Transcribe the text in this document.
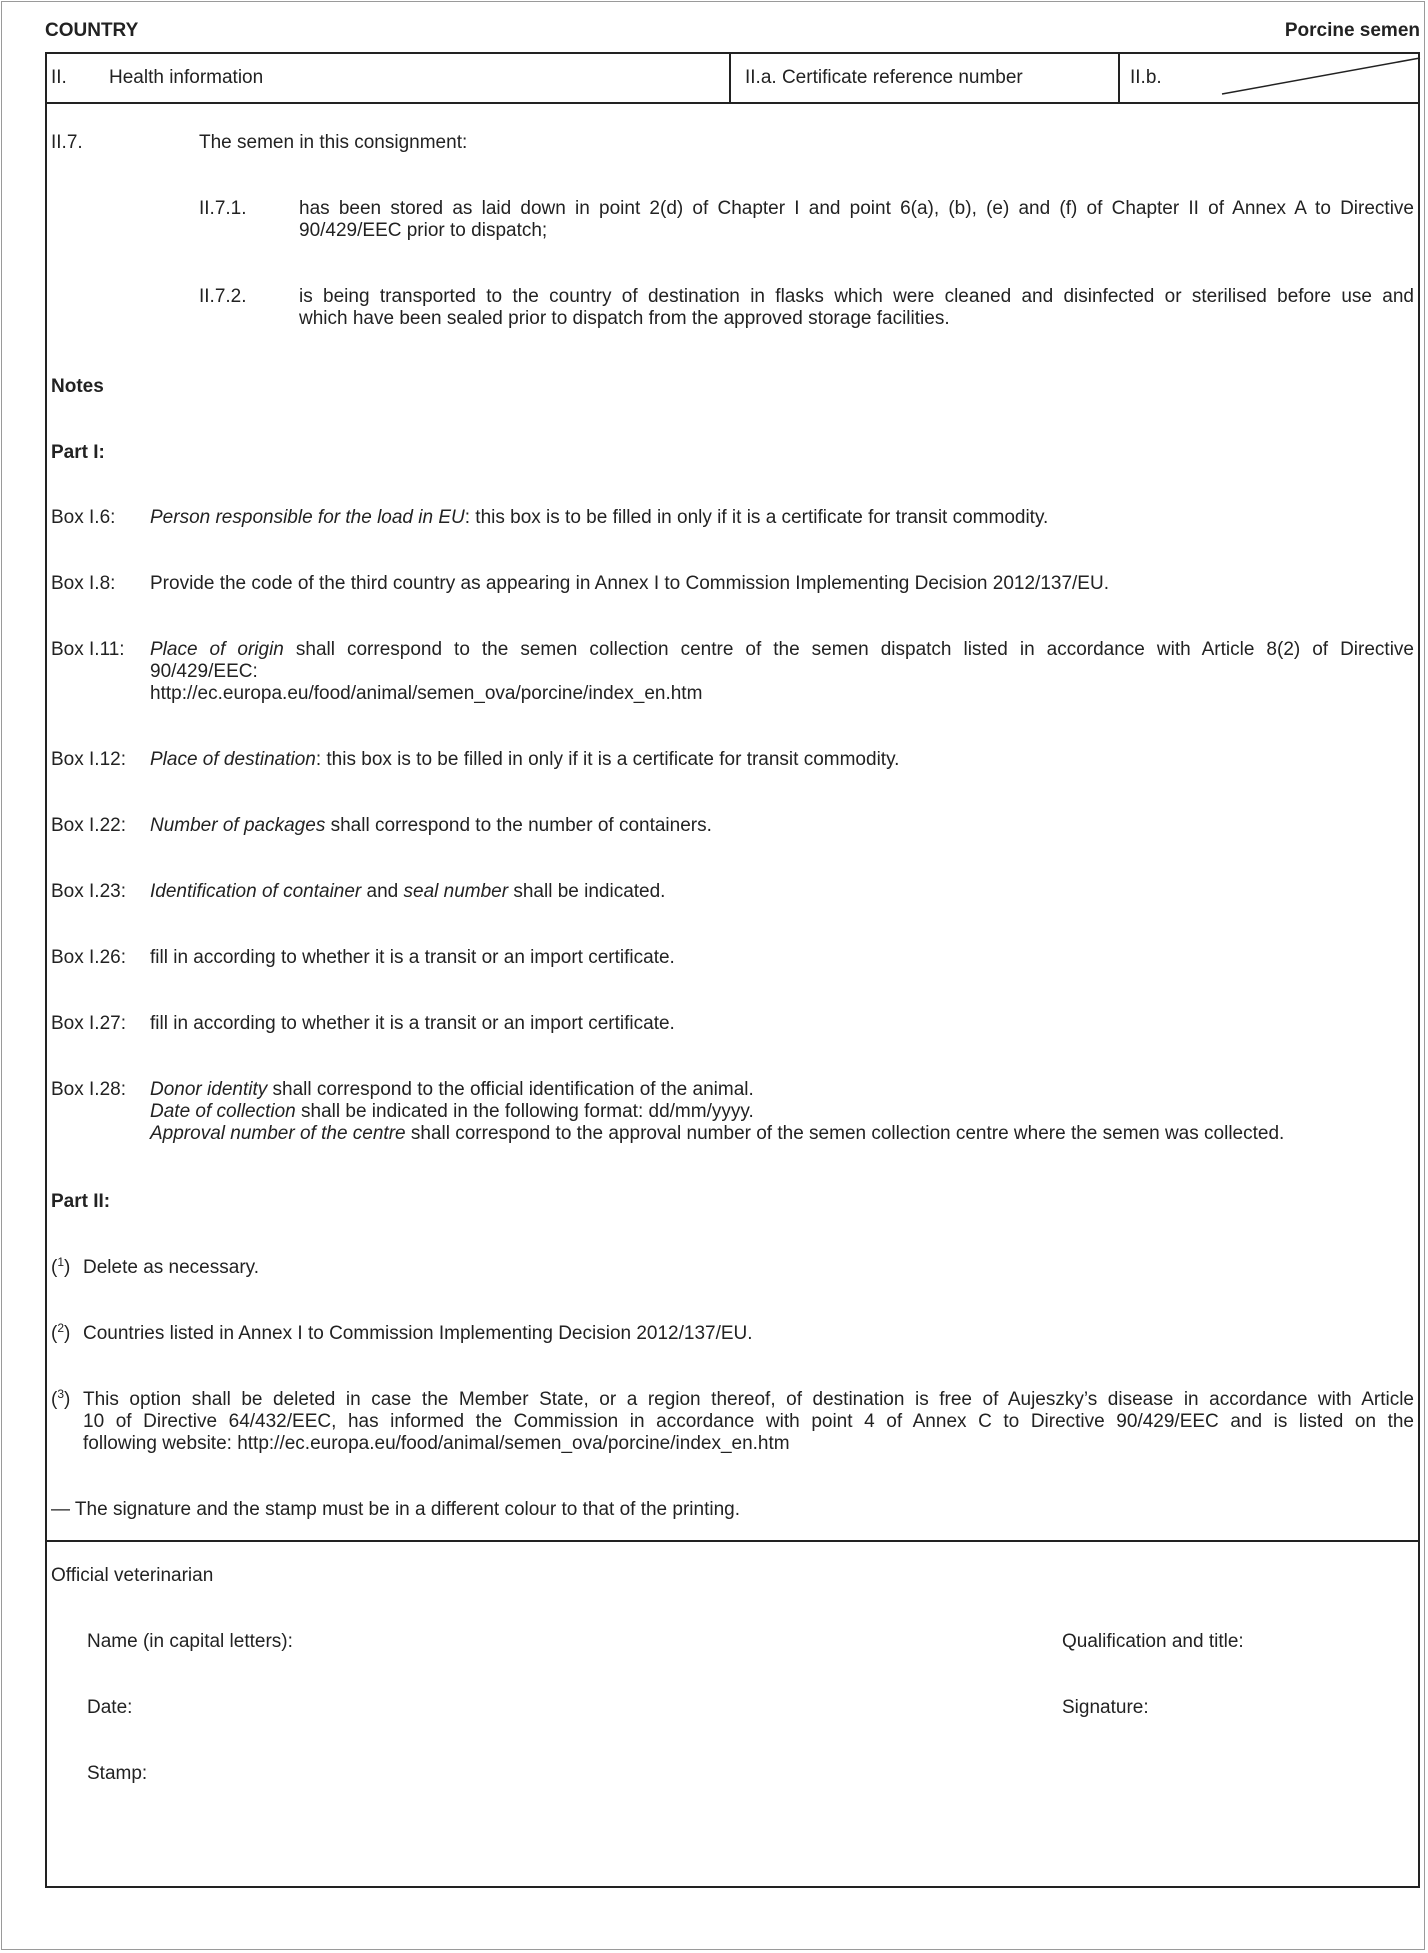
COUNTRY	Porcine semen
II. Health information	II.a. Certificate reference number	II.b.
II.7.	The semen in this consignment:
II.7.1.	has been stored as laid down in point 2(d) of Chapter I and point 6(a), (b), (e) and (f) of Chapter II of Annex A to Directive
90/429/EEC prior to dispatch;
II.7.2.	is being transported to the country of destination in flasks which were cleaned and disinfected or sterilised before use and
which have been sealed prior to dispatch from the approved storage facilities.
Notes
Part I:
Box I.6: Person responsible for the load in EU: this box is to be filled in only if it is a certificate for transit commodity.
Box I.8: Provide the code of the third country as appearing in Annex I to Commission Implementing Decision 2012/137/EU.
Box I.11: Place of origin shall correspond to the semen collection centre of the semen dispatch listed in accordance with Article 8(2) of Directive
90/429/EEC:
http://ec.europa.eu/food/animal/semen_ova/porcine/index_en.htm
Box I.12: Place of destination: this box is to be filled in only if it is a certificate for transit commodity.
Box I.22: Number of packages shall correspond to the number of containers.
Box I.23: Identification of container and seal number shall be indicated.
Box I.26: fill in according to whether it is a transit or an import certificate.
Box I.27: fill in according to whether it is a transit or an import certificate.
Box I.28: Donor identity shall correspond to the official identification of the animal.
Date of collection shall be indicated in the following format: dd/mm/yyyy.
Approval number of the centre shall correspond to the approval number of the semen collection centre where the semen was collected.
Part II:
($^1$) Delete as necessary.
($^2$) Countries listed in Annex I to Commission Implementing Decision 2012/137/EU.
($^3$) This option shall be deleted in case the Member State, or a region thereof, of destination is free of Aujeszky’s disease in accordance with Article
10 of Directive 64/432/EEC, has informed the Commission in accordance with point 4 of Annex C to Directive 90/429/EEC and is listed on the
following website: http://ec.europa.eu/food/animal/semen_ova/porcine/index_en.htm
— The signature and the stamp must be in a different colour to that of the printing.
Official veterinarian
Name (in capital letters):	Qualification and title:
Date:	Signature:
Stamp:
